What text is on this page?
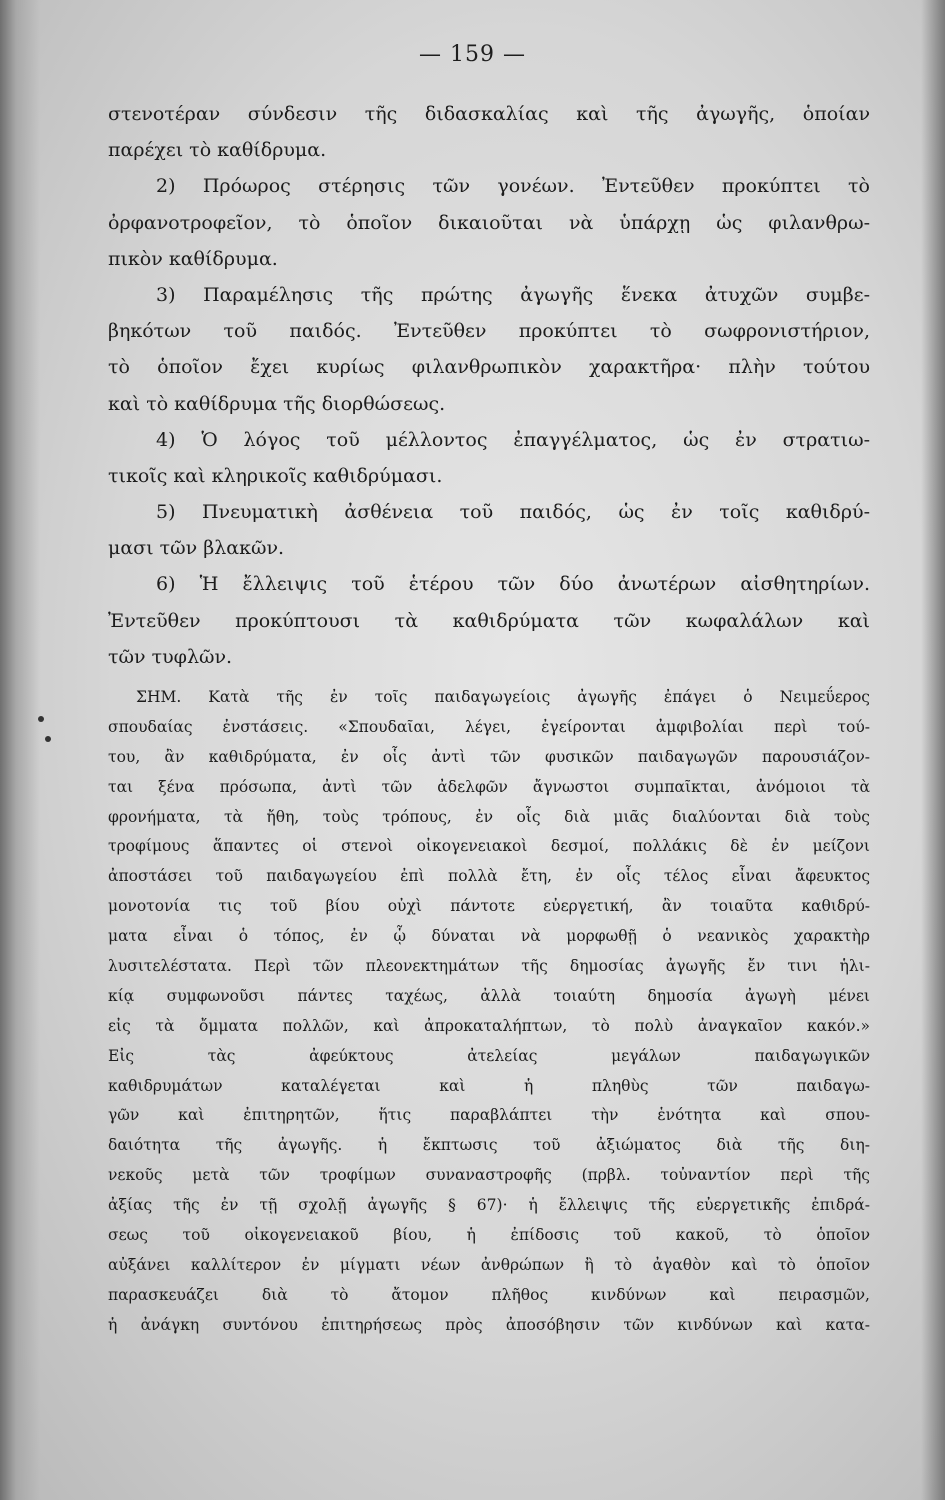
— 159 —
στενοτέραν σύνδεσιν τῆς διδασκαλίας καὶ τῆς ἀγωγῆς, ὁποίαν
παρέχει τὸ καθίδρυμα.
2) Πρόωρος στέρησις τῶν γονέων. Ἐντεῦθεν προκύπτει τὸ
ὀρφανοτροφεῖον, τὸ ὁποῖον δικαιοῦται νὰ ὑπάρχῃ ὡς φιλανθρω-
πικὸν καθίδρυμα.
3) Παραμέλησις τῆς πρώτης ἀγωγῆς ἕνεκα ἀτυχῶν συμβε-
βηκότων τοῦ παιδός. Ἐντεῦθεν προκύπτει τὸ σωφρονιστήριον,
τὸ ὁποῖον ἔχει κυρίως φιλανθρωπικὸν χαρακτῆρα· πλὴν τούτου
καὶ τὸ καθίδρυμα τῆς διορθώσεως.
4) Ὁ λόγος τοῦ μέλλοντος ἐπαγγέλματος, ὡς ἐν στρατιω-
τικοῖς καὶ κληρικοῖς καθιδρύμασι.
5) Πνευματικὴ ἀσθένεια τοῦ παιδός, ὡς ἐν τοῖς καθιδρύ-
μασι τῶν βλακῶν.
6) Ἡ ἔλλειψις τοῦ ἑτέρου τῶν δύο ἀνωτέρων αἰσθητηρίων.
Ἐντεῦθεν προκύπτουσι τὰ καθιδρύματα τῶν κωφαλάλων καὶ
τῶν τυφλῶν.
ΣΗΜ. Κατὰ τῆς ἐν τοῖς παιδαγωγείοις ἀγωγῆς ἐπάγει ὁ Νειμεΰερος
σπουδαίας ἐνστάσεις. «Σπουδαῖαι, λέγει, ἐγείρονται ἀμφιβολίαι περὶ τού-
του, ἂν καθιδρύματα, ἐν οἷς ἀντὶ τῶν φυσικῶν παιδαγωγῶν παρουσιάζον-
ται ξένα πρόσωπα, ἀντὶ τῶν ἀδελφῶν ἄγνωστοι συμπαῖκται, ἀνόμοιοι τὰ
φρονήματα, τὰ ἤθη, τοὺς τρόπους, ἐν οἷς διὰ μιᾶς διαλύονται διὰ τοὺς
τροφίμους ἅπαντες οἱ στενοὶ οἰκογενειακοὶ δεσμοί, πολλάκις δὲ ἐν μείζονι
ἀποστάσει τοῦ παιδαγωγείου ἐπὶ πολλὰ ἔτη, ἐν οἷς τέλος εἶναι ἄφευκτος
μονοτονία τις τοῦ βίου οὐχὶ πάντοτε εὐεργετική, ἂν τοιαῦτα καθιδρύ-
ματα εἶναι ὁ τόπος, ἐν ᾧ δύναται νὰ μορφωθῇ ὁ νεανικὸς χαρακτὴρ
λυσιτελέστατα. Περὶ τῶν πλεονεκτημάτων τῆς δημοσίας ἀγωγῆς ἔν τινι ἡλι-
κίᾳ συμφωνοῦσι πάντες ταχέως, ἀλλὰ τοιαύτη δημοσία ἀγωγὴ μένει
εἰς τὰ ὄμματα πολλῶν, καὶ ἀπροκαταλήπτων, τὸ πολὺ ἀναγκαῖον κακόν.»
Εἰς τὰς ἀφεύκτους ἀτελείας μεγάλων παιδαγωγικῶν
καθιδρυμάτων καταλέγεται καὶ ἡ πληθὺς τῶν παιδαγω-
γῶν καὶ ἐπιτηρητῶν, ἥτις παραβλάπτει τὴν ἑνότητα καὶ σπου-
δαιότητα τῆς ἀγωγῆς. ἡ ἔκπτωσις τοῦ ἀξιώματος διὰ τῆς διη-
νεκοῦς μετὰ τῶν τροφίμων συναναστροφῆς (πρβλ. τοὐναντίον περὶ τῆς
ἀξίας τῆς ἐν τῇ σχολῇ ἀγωγῆς § 67)· ἡ ἔλλειψις τῆς εὐεργετικῆς ἐπιδρά-
σεως τοῦ οἰκογενειακοῦ βίου, ἡ ἐπίδοσις τοῦ κακοῦ, τὸ ὁποῖον
αὐξάνει καλλίτερον ἐν μίγματι νέων ἀνθρώπων ἢ τὸ ἀγαθὸν καὶ τὸ ὁποῖον
παρασκευάζει διὰ τὸ ἄτομον πλῆθος κινδύνων καὶ πειρασμῶν,
ἡ ἀνάγκη συντόνου ἐπιτηρήσεως πρὸς ἀποσόβησιν τῶν κινδύνων καὶ κατα-
